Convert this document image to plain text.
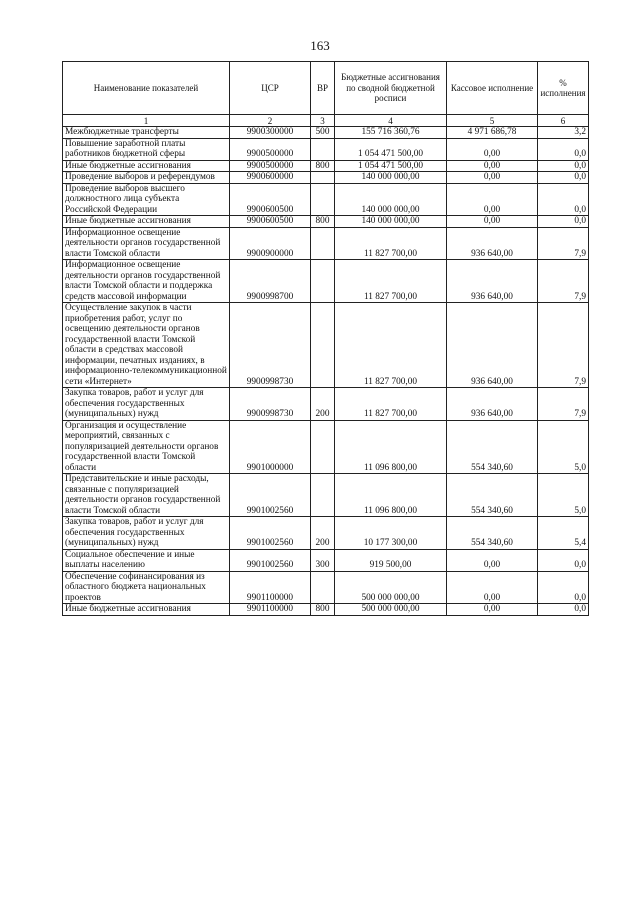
163
Наименование показателей	ЦСР	ВР	Бюджетные ассигнования по сводной бюджетной росписи	Кассовое исполнение	% исполнения
1	2	3	4	5	6
Межбюджетные трансферты	9900300000	500	155 716 360,76	4 971 686,78	3,2
Повышение заработной платы работников бюджетной сферы	9900500000		1 054 471 500,00	0,00	0,0
Иные бюджетные ассигнования	9900500000	800	1 054 471 500,00	0,00	0,0
Проведение выборов и референдумов	9900600000		140 000 000,00	0,00	0,0
Проведение выборов высшего должностного лица субъекта Российской Федерации	9900600500		140 000 000,00	0,00	0,0
Иные бюджетные ассигнования	9900600500	800	140 000 000,00	0,00	0,0
Информационное освещение деятельности органов государственной власти Томской области	9900900000		11 827 700,00	936 640,00	7,9
Информационное освещение деятельности органов государственной власти Томской области и поддержка средств массовой информации	9900998700		11 827 700,00	936 640,00	7,9
Осуществление закупок в части приобретения работ, услуг по освещению деятельности органов государственной власти Томской области в средствах массовой информации, печатных изданиях, в информационно-телекоммуникационной сети «Интернет»	9900998730		11 827 700,00	936 640,00	7,9
Закупка товаров, работ и услуг для обеспечения государственных (муниципальных) нужд	9900998730	200	11 827 700,00	936 640,00	7,9
Организация и осуществление мероприятий, связанных с популяризацией деятельности органов государственной власти Томской области	9901000000		11 096 800,00	554 340,60	5,0
Представительские и иные расходы, связанные с популяризацией деятельности органов государственной власти Томской области	9901002560		11 096 800,00	554 340,60	5,0
Закупка товаров, работ и услуг для обеспечения государственных (муниципальных) нужд	9901002560	200	10 177 300,00	554 340,60	5,4
Социальное обеспечение и иные выплаты населению	9901002560	300	919 500,00	0,00	0,0
Обеспечение софинансирования из областного бюджета национальных проектов	9901100000		500 000 000,00	0,00	0,0
Иные бюджетные ассигнования	9901100000	800	500 000 000,00	0,00	0,0
